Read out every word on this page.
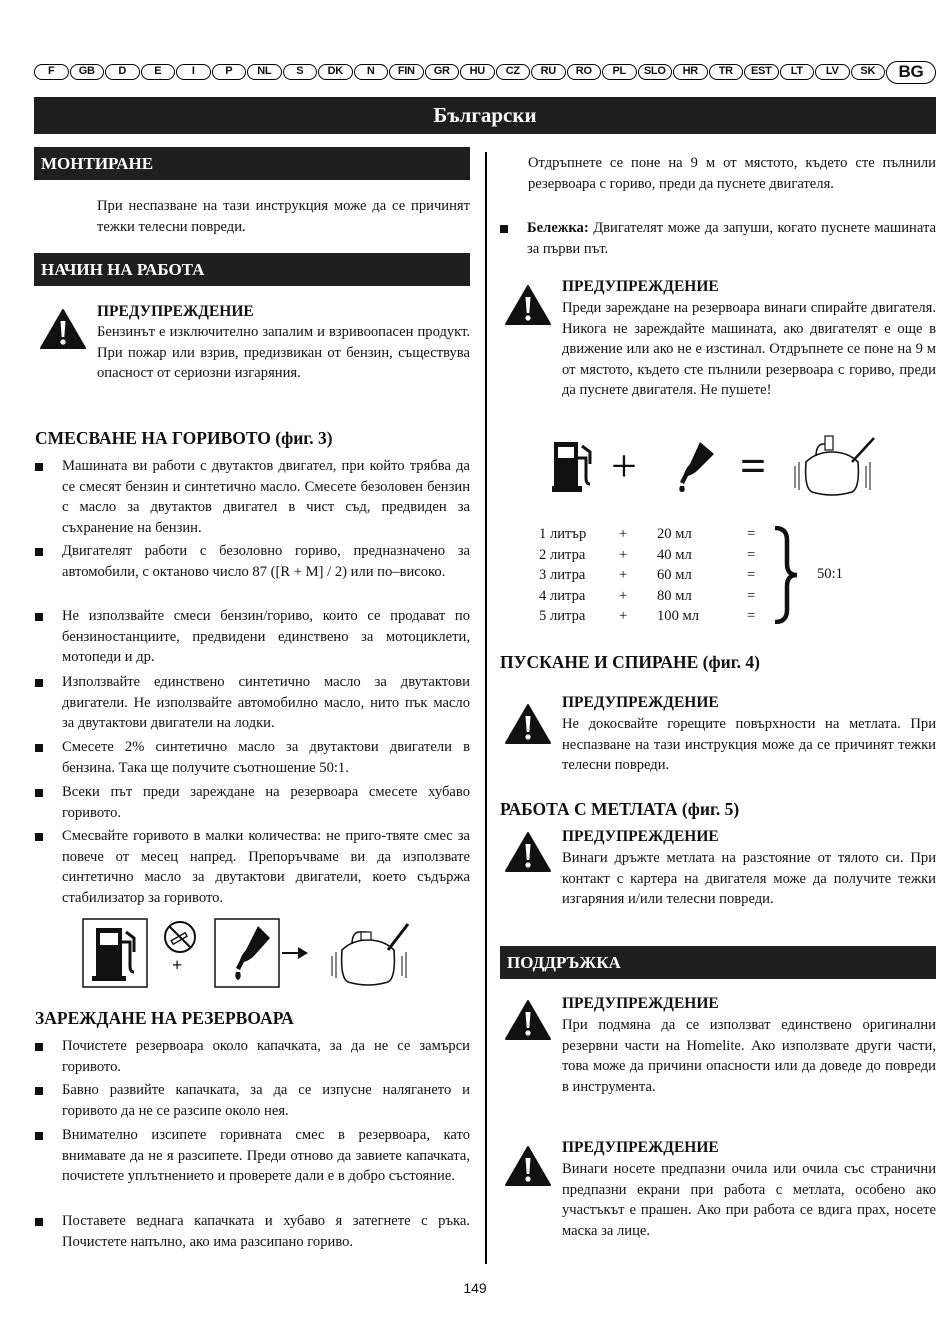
F	GB	D	E	I	P	NL	S	DK	N	FIN	GR	HU	CZ	RU	RO	PL	SLO	HR	TR	EST	LT	LV	SK	BG
Български
МОНТИРАНЕ
При неспазване на тази инструкция може да се причинят тежки телесни повреди.
НАЧИН НА РАБОТА
ПРЕДУПРЕЖДЕНИЕ
Бензинът е изключително запалим и взривоопасен продукт. При пожар или взрив, предизвикан от бензин, съществува опасност от сериозни изгаряния.
СМЕСВАНЕ НА ГОРИВОТО (фиг. 3)
Машината ви работи с двутактов двигател, при който трябва да се смесят бензин и синтетично масло. Смесете безоловен бензин с масло за двутактов двигател в чист съд, предвиден за съхранение на бензин.
Двигателят работи с безоловно гориво, предназначено за автомобили, с октаново число 87 ([R + M] / 2) или по–високо.
Не използвайте смеси бензин/гориво, които се продават по бензиностанциите, предвидени единствено за мотоциклети, мотопеди и др.
Използвайте единствено синтетично масло за двутактови двигатели. Не използвайте автомобилно масло, нито пък масло за двутактови двигатели на лодки.
Смесете 2% синтетично масло за двутактови двигатели в бензина. Така ще получите съотношение 50:1.
Всеки път преди зареждане на резервоара смесете хубаво горивото.
Смесвайте горивото в малки количества: не приго-твяте смес за повече от месец напред. Препоръчваме ви да използвате синтетично масло за двутактови двигатели, което съдържа стабилизатор за горивото.
+
ЗАРЕЖДАНЕ НА РЕЗЕРВОАРА
Почистете резервоара около капачката, за да не се замърси горивото.
Бавно развийте капачката, за да се изпусне налягането и горивото да не се разсипе около нея.
Внимателно изсипете горивната смес в резервоара, като внимавате да не я разсипете. Преди отново да завиете капачката, почистете уплътнението и проверете дали е в добро състояние.
Поставете веднага капачката и хубаво я затегнете с ръка. Почистете напълно, ако има разсипано гориво.
Отдръпнете се поне на 9 м от мястото, където сте пълнили резервоара с гориво, преди да пуснете двигателя.
Бележка: Двигателят може да запуши, когато пуснете машината за първи път.
ПРЕДУПРЕЖДЕНИЕ
Преди зареждане на резервоара винаги спирайте двигателя. Никога не зареждайте машината, ако двигателят е още в движение или ако не е изстинал. Отдръпнете се поне на 9 м от мястото, където сте пълнили резервоара с гориво, преди да пуснете двигателя. Не пушете!
+ =
1 литър + 20 мл	=
2 литра + 40 мл	=
3 литра + 60 мл	=
4 литра + 80 мл	=
5 литра + 100 мл	=
50:1
ПУСКАНЕ И СПИРАНЕ (фиг. 4)
ПРЕДУПРЕЖДЕНИЕ
Не докосвайте горещите повърхности на метлата. При неспазване на тази инструкция може да се причинят тежки телесни повреди.
РАБОТА С МЕТЛАТА (фиг. 5)
ПРЕДУПРЕЖДЕНИЕ
Винаги дръжте метлата на разстояние от тялото си. При контакт с картера на двигателя може да получите тежки изгаряния и/или телесни повреди.
ПОДДРЪЖКА
ПРЕДУПРЕЖДЕНИЕ
При подмяна да се използват единствено оригинални резервни части на Homelite. Ако използвате други части, това може да причини опасности или да доведе до повреди в инструмента.
ПРЕДУПРЕЖДЕНИЕ
Винаги носете предпазни очила или очила със странични предпазни екрани при работа с метлата, особено ако участъкът е прашен. Ако при работа се вдига прах, носете маска за лице.
149
